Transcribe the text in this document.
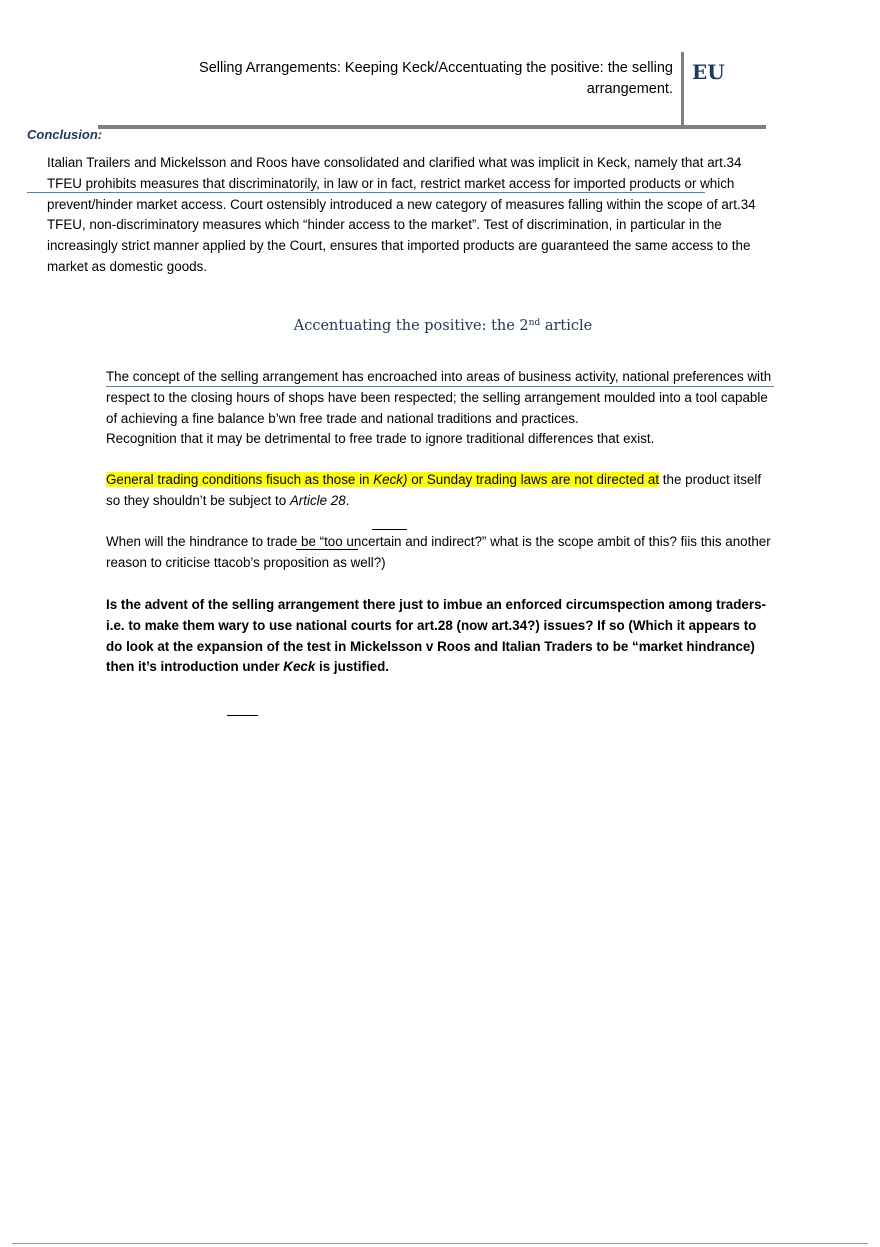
Selling Arrangements: Keeping Keck/Accentuating the positive: the selling arrangement.
EU
Conclusion:

Italian Trailers and Mickelsson and Roos have consolidated and clarified what was implicit in Keck, namely that art.34 TFEU prohibits measures that discriminatorily, in law or in fact, restrict market access for imported products or which prevent/hinder market access. Court ostensibly introduced a new category of measures falling within the scope of art.34 TFEU, non-discriminatory measures which “hinder access to the market”. Test of discrimination, in particular in the increasingly strict manner applied by the Court, ensures that imported products are guaranteed the same access to the market as domestic goods.

Accentuating the positive: the 2nd article
The concept of the selling arrangement has encroached into areas of business activity, national preferences with respect to the closing hours of shops have been respected; the selling arrangement moulded into a tool capable of achieving a fine balance b’wn free trade and national traditions and practices.
Recognition that it may be detrimental to free trade to ignore traditional differences that exist.

General trading conditions fisuch as those in Keck) or Sunday trading laws are not directed at the product itself so they shouldn’t be subject to Article 28.

When will the hindrance to trade be “too uncertain and indirect?” what is the scope ambit of this? fiis this another reason to criticise ttacob’s proposition as well?)

Is the advent of the selling arrangement there just to imbue an enforced circumspection among traders- i.e. to make them wary to use national courts for art.28 (now art.34?) issues? If so (Which it appears to do look at the expansion of the test in Mickelsson v Roos and Italian Traders to be “market hindrance) then it’s introduction under Keck is justified.
